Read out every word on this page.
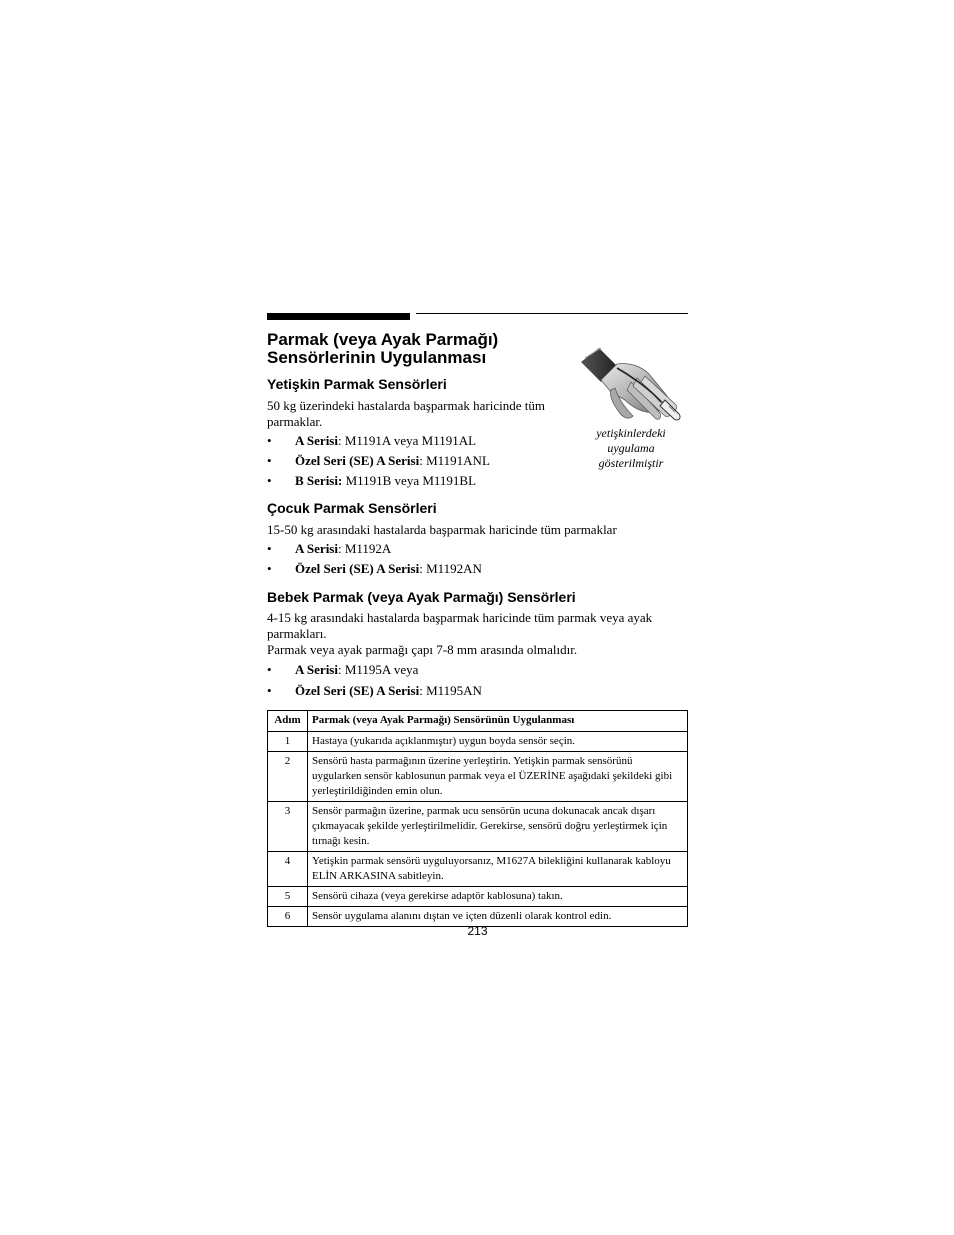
Parmak (veya Ayak Parmağı) Sensörlerinin Uygulanması
yetişkinlerdeki
uygulama
gösterilmiştir
Yetişkin Parmak Sensörleri

50 kg üzerindeki hastalarda başparmak haricinde tüm parmaklar.

• A Serisi: M1191A veya M1191AL
• Özel Seri (SE) A Serisi: M1191ANL
• B Serisi: M1191B veya M1191BL
Çocuk Parmak Sensörleri

15-50 kg arasındaki hastalarda başparmak haricinde tüm parmaklar

• A Serisi: M1192A
• Özel Seri (SE) A Serisi: M1192AN
Bebek Parmak (veya Ayak Parmağı) Sensörleri

4-15 kg arasındaki hastalarda başparmak haricinde tüm parmak veya ayak parmakları.

Parmak veya ayak parmağı çapı 7-8 mm arasında olmalıdır.

• A Serisi: M1195A veya
• Özel Seri (SE) A Serisi: M1195AN
Adım	Parmak (veya Ayak Parmağı) Sensörünün Uygulanması
1	Hastaya (yukarıda açıklanmıştır) uygun boyda sensör seçin.
2	Sensörü hasta parmağının üzerine yerleştirin. Yetişkin parmak sensörünü uygularken sensör kablosunun parmak veya el ÜZERİNE aşağıdaki şekildeki gibi yerleştirildiğinden emin olun.
3	Sensör parmağın üzerine, parmak ucu sensörün ucuna dokunacak ancak dışarı çıkmayacak şekilde yerleştirilmelidir. Gerekirse, sensörü doğru yerleştirmek için tırnağı kesin.
4	Yetişkin parmak sensörü uyguluyorsanız, M1627A bilekliğini kullanarak kabloyu ELİN ARKASINA sabitleyin.
5	Sensörü cihaza (veya gerekirse adaptör kablosuna) takın.
6	Sensör uygulama alanını dıştan ve içten düzenli olarak kontrol edin.
213
